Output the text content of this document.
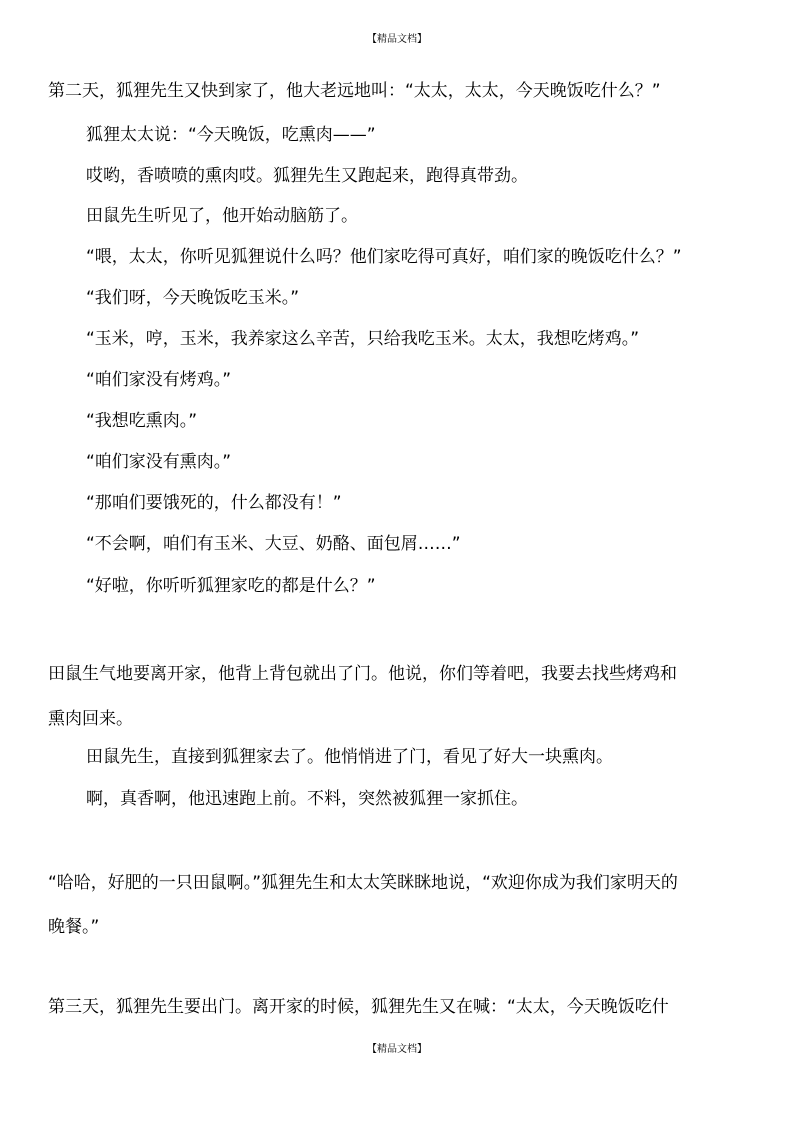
【精品文档】
第二天，狐狸先生又快到家了，他大老远地叫：“太太，太太，今天晚饭吃什么？”
狐狸太太说：“今天晚饭，吃熏肉——”
哎哟，香喷喷的熏肉哎。狐狸先生又跑起来，跑得真带劲。
田鼠先生听见了，他开始动脑筋了。
“喂，太太，你听见狐狸说什么吗？他们家吃得可真好，咱们家的晚饭吃什么？”
“我们呀，今天晚饭吃玉米。”
“玉米，哼，玉米，我养家这么辛苦，只给我吃玉米。太太，我想吃烤鸡。”
“咱们家没有烤鸡。”
“我想吃熏肉。”
“咱们家没有熏肉。”
“那咱们要饿死的，什么都没有！”
“不会啊，咱们有玉米、大豆、奶酪、面包屑……”
“好啦，你听听狐狸家吃的都是什么？”
田鼠生气地要离开家，他背上背包就出了门。他说，你们等着吧，我要去找些烤鸡和
熏肉回来。
田鼠先生，直接到狐狸家去了。他悄悄进了门，看见了好大一块熏肉。
啊，真香啊，他迅速跑上前。不料，突然被狐狸一家抓住。
“哈哈，好肥的一只田鼠啊。”狐狸先生和太太笑眯眯地说，“欢迎你成为我们家明天的
晚餐。”
第三天，狐狸先生要出门。离开家的时候，狐狸先生又在喊：“太太，今天晚饭吃什
【精品文档】
